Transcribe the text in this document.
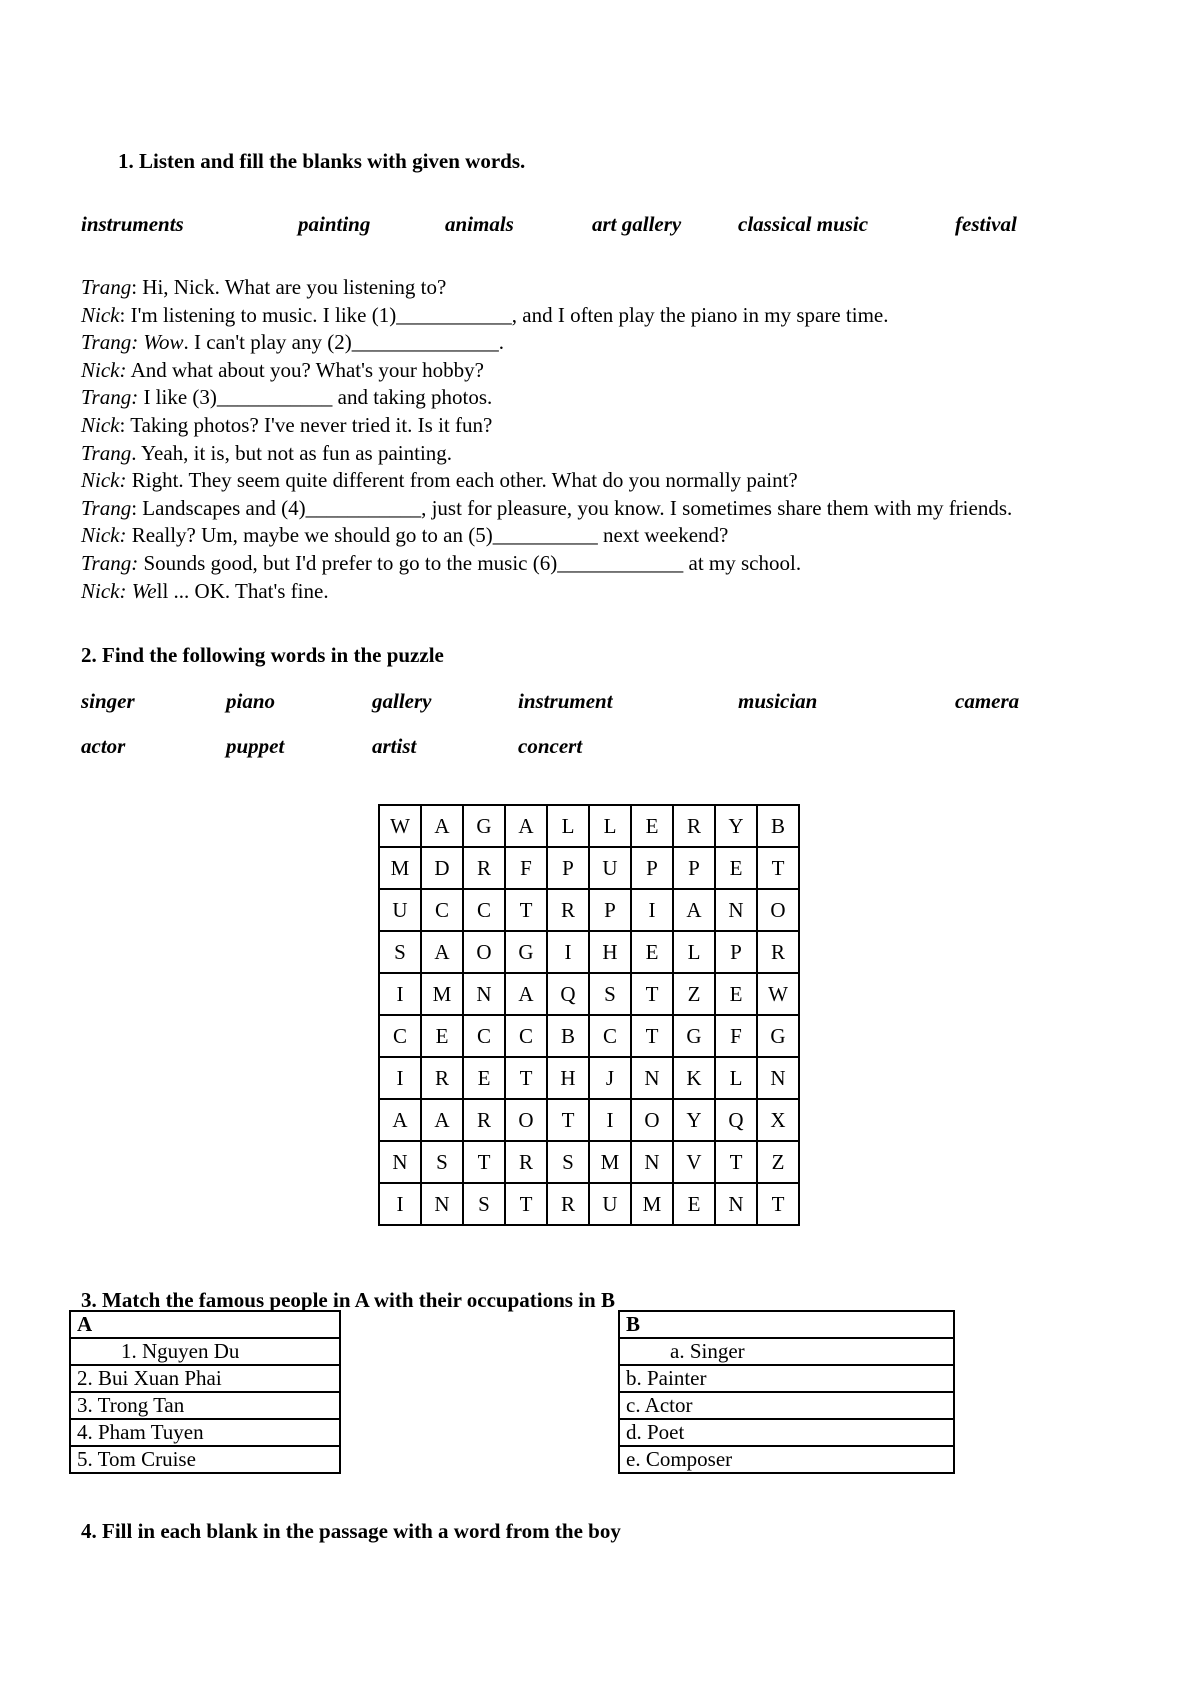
1. Listen and fill the blanks with given words.
instruments	painting	animals	art gallery	classical music	festival
Trang: Hi, Nick. What are you listening to?
Nick: I'm listening to music. I like (1)___________, and I often play the piano in my spare time.
Trang: Wow. I can't play any (2)______________.
Nick: And what about you? What's your hobby?
Trang: I like (3)___________ and taking photos.
Nick: Taking photos? I've never tried it. Is it fun?
Trang. Yeah, it is, but not as fun as painting.
Nick: Right. They seem quite different from each other. What do you normally paint?
Trang: Landscapes and (4)___________, just for pleasure, you know. I sometimes share them with my friends.
Nick: Really? Um, maybe we should go to an (5)__________ next weekend?
Trang: Sounds good, but I'd prefer to go to the music (6)____________ at my school.
Nick: Well ... OK. That's fine.
2. Find the following words in the puzzle
singer	piano	gallery	instrument	musician	camera
actor	puppet	artist	concert
W	A	G	A	L	L	E	R	Y	B
M	D	R	F	P	U	P	P	E	T
U	C	C	T	R	P	I	A	N	O
S	A	O	G	I	H	E	L	P	R
I	M	N	A	Q	S	T	Z	E	W
C	E	C	C	B	C	T	G	F	G
I	R	E	T	H	J	N	K	L	N
A	A	R	O	T	I	O	Y	Q	X
N	S	T	R	S	M	N	V	T	Z
I	N	S	T	R	U	M	E	N	T
3. Match the famous people in A with their occupations in B
A
1. Nguyen Du
2. Bui Xuan Phai
3. Trong Tan
4. Pham Tuyen
5. Tom Cruise
B
a. Singer
b. Painter
c. Actor
d. Poet
e. Composer
4. Fill in each blank in the passage with a word from the boy
